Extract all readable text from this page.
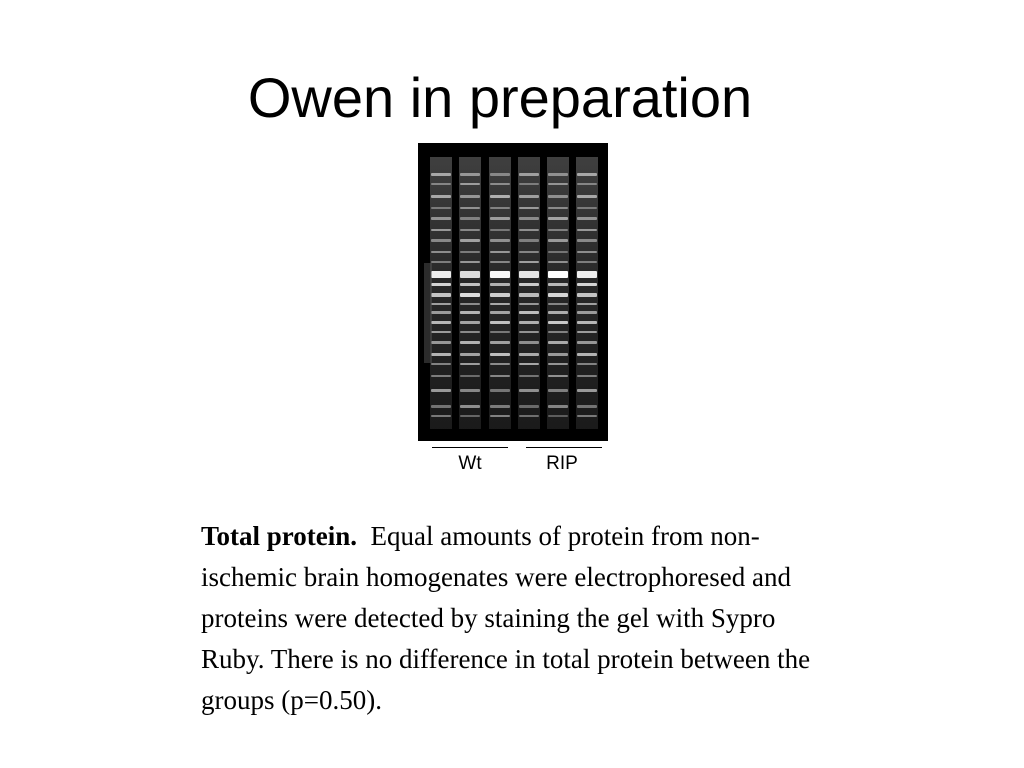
Owen in preparation
Wt	RIP
Total protein. Equal amounts of protein from non-ischemic brain homogenates were electrophoresed and proteins were detected by staining the gel with Sypro Ruby. There is no difference in total protein between the groups (p=0.50).
